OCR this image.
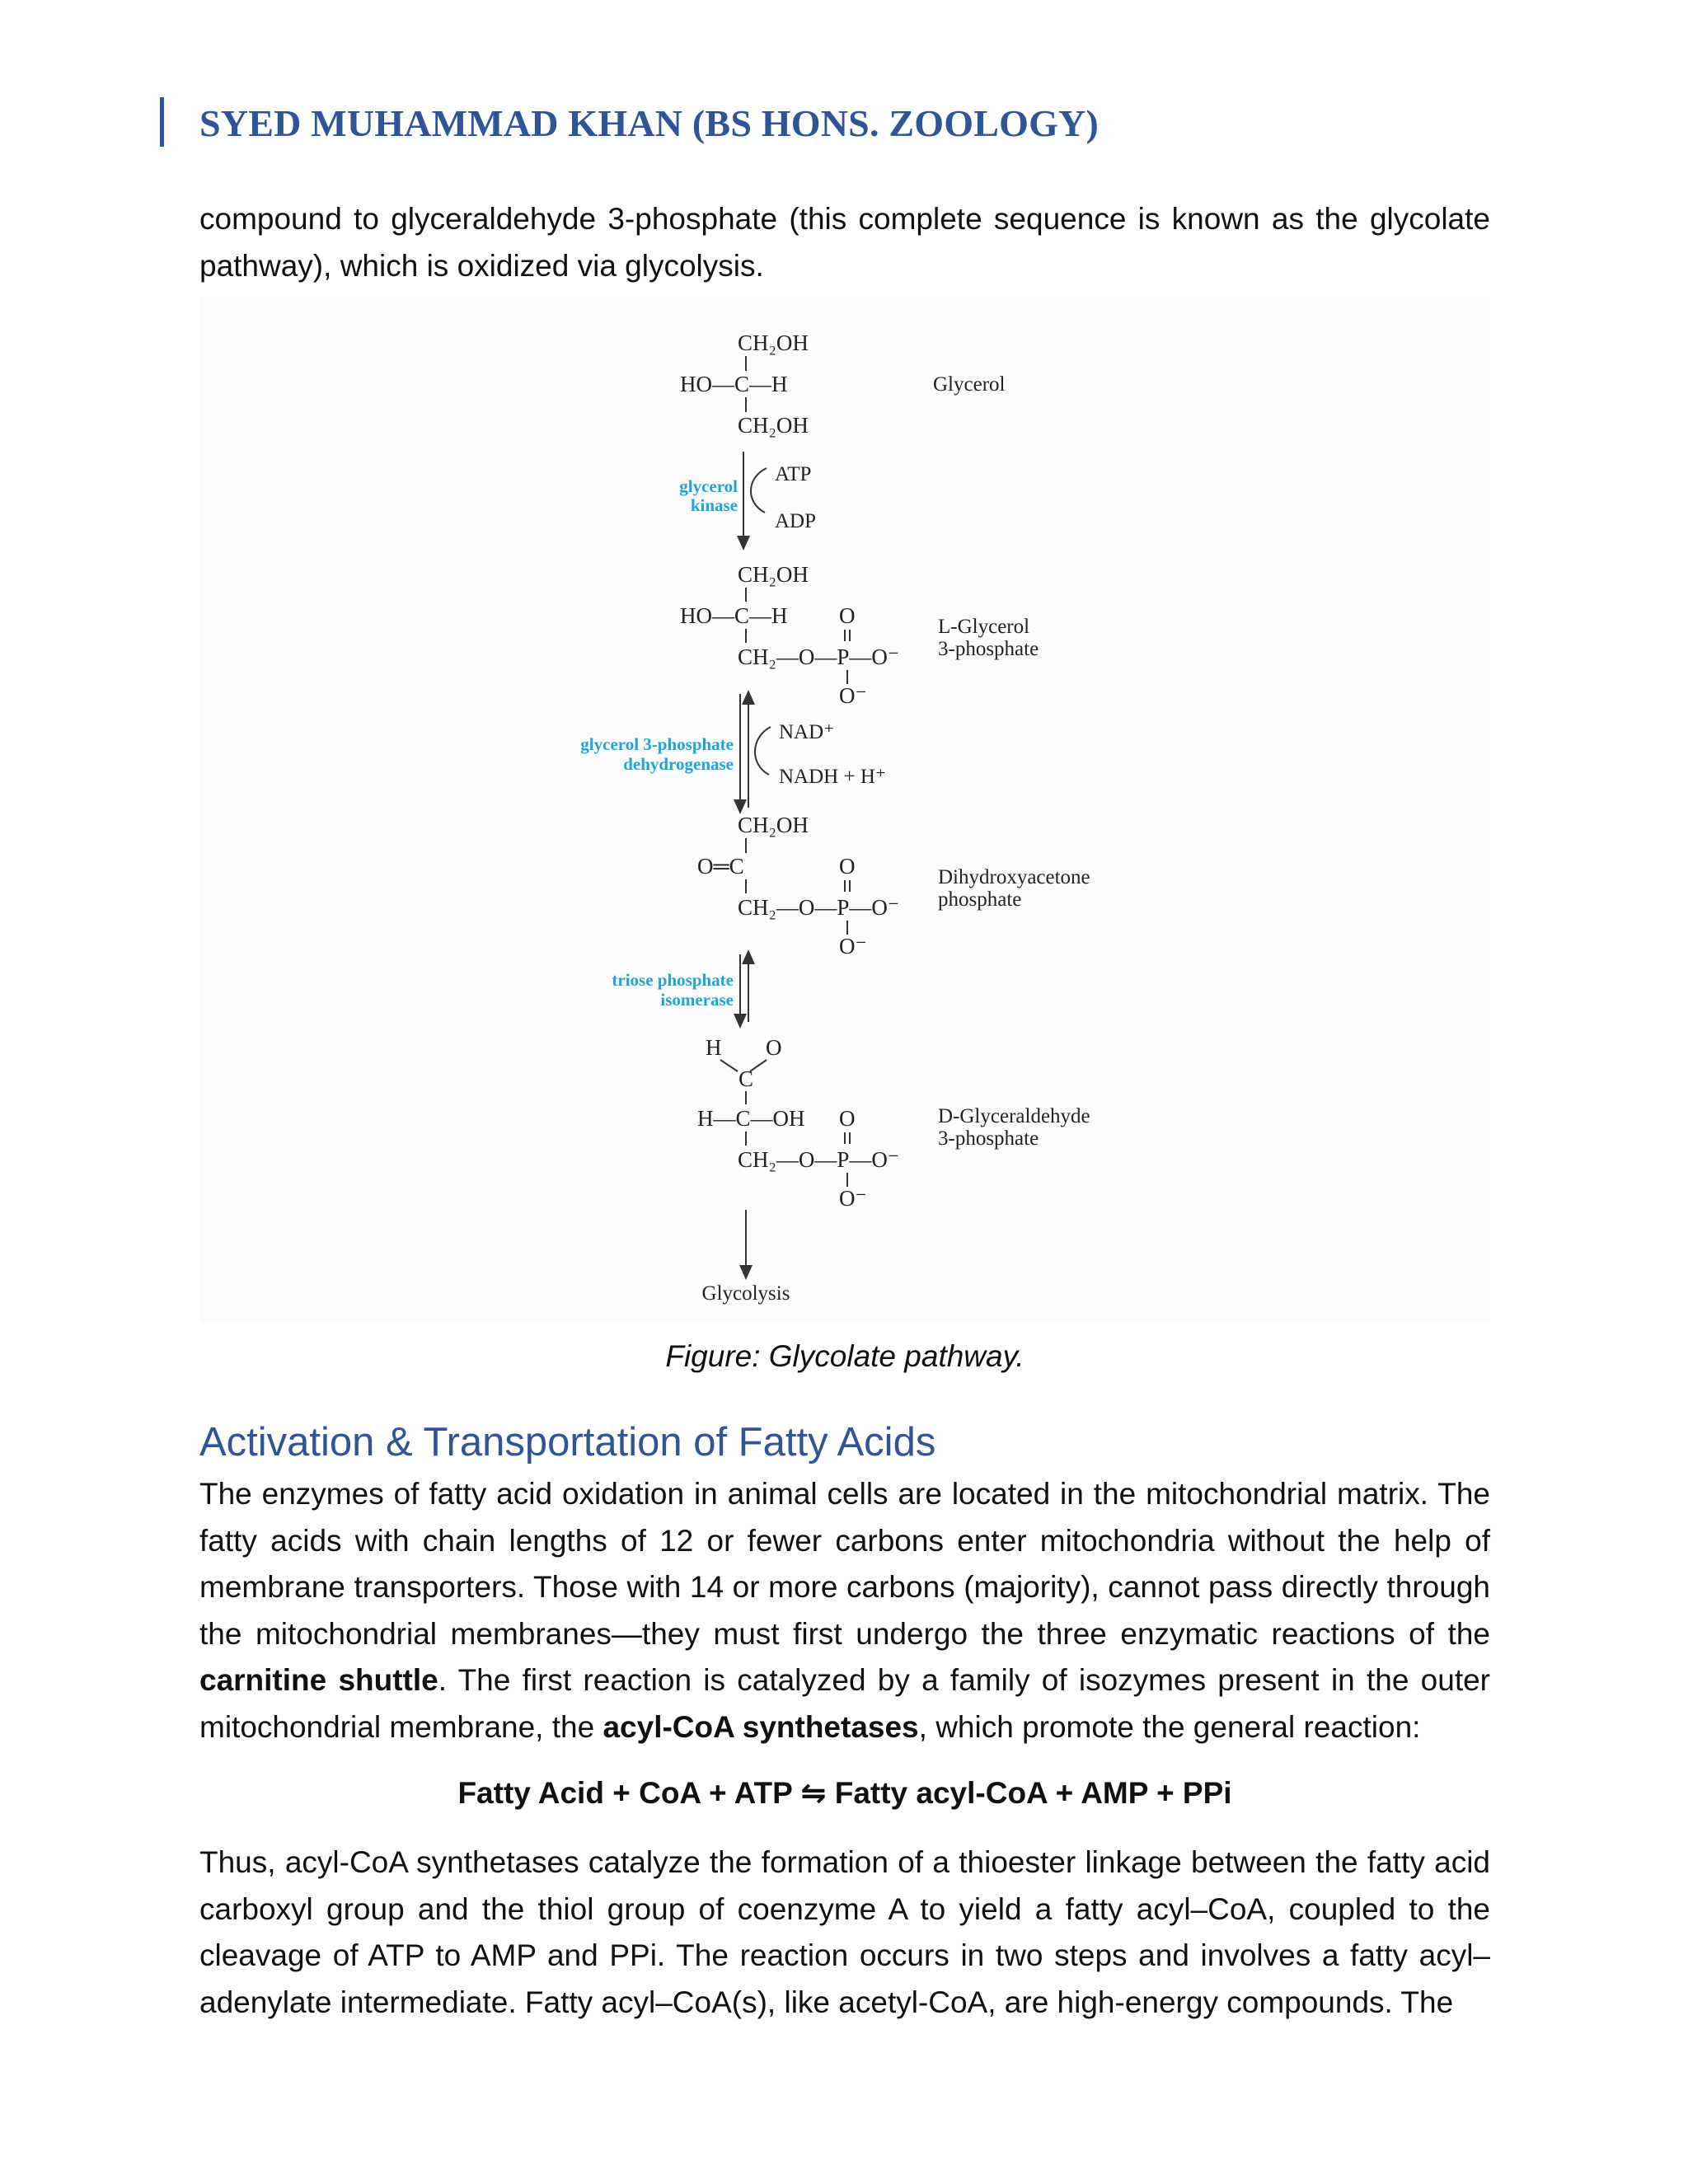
SYED MUHAMMAD KHAN (BS HONS. ZOOLOGY)

compound to glyceraldehyde 3-phosphate (this complete sequence is known as the glycolate pathway), which is oxidized via glycolysis.

CH₂OH
HO—C—H
CH₂OH
Glycerol
ATP
ADP
glycerol
kinase
CH₂OH
HO—C—H O
CH₂—O—P—O⁻
O⁻
L-Glycerol
3-phosphate
NAD⁺
NADH + H⁺
glycerol 3-phosphate
dehydrogenase
CH₂OH
O═C	O
CH₂—O—P—O⁻
O⁻
Dihydroxyacetone
phosphate
triose phosphate
isomerase
H O
C
H—C—OH O
CH₂—O—P—O⁻
O⁻
D-Glyceraldehyde
3-phosphate
Glycolysis

Figure: Glycolate pathway.

Activation & Transportation of Fatty Acids

The enzymes of fatty acid oxidation in animal cells are located in the mitochondrial matrix. The fatty acids with chain lengths of 12 or fewer carbons enter mitochondria without the help of membrane transporters. Those with 14 or more carbons (majority), cannot pass directly through the mitochondrial membranes—they must first undergo the three enzymatic reactions of the carnitine shuttle. The first reaction is catalyzed by a family of isozymes present in the outer mitochondrial membrane, the acyl-CoA synthetases, which promote the general reaction:

Fatty Acid + CoA + ATP ⇋ Fatty acyl-CoA + AMP + PPi

Thus, acyl-CoA synthetases catalyze the formation of a thioester linkage between the fatty acid carboxyl group and the thiol group of coenzyme A to yield a fatty acyl–CoA, coupled to the cleavage of ATP to AMP and PPi. The reaction occurs in two steps and involves a fatty acyl–adenylate intermediate. Fatty acyl–CoA(s), like acetyl-CoA, are high-energy compounds. The
